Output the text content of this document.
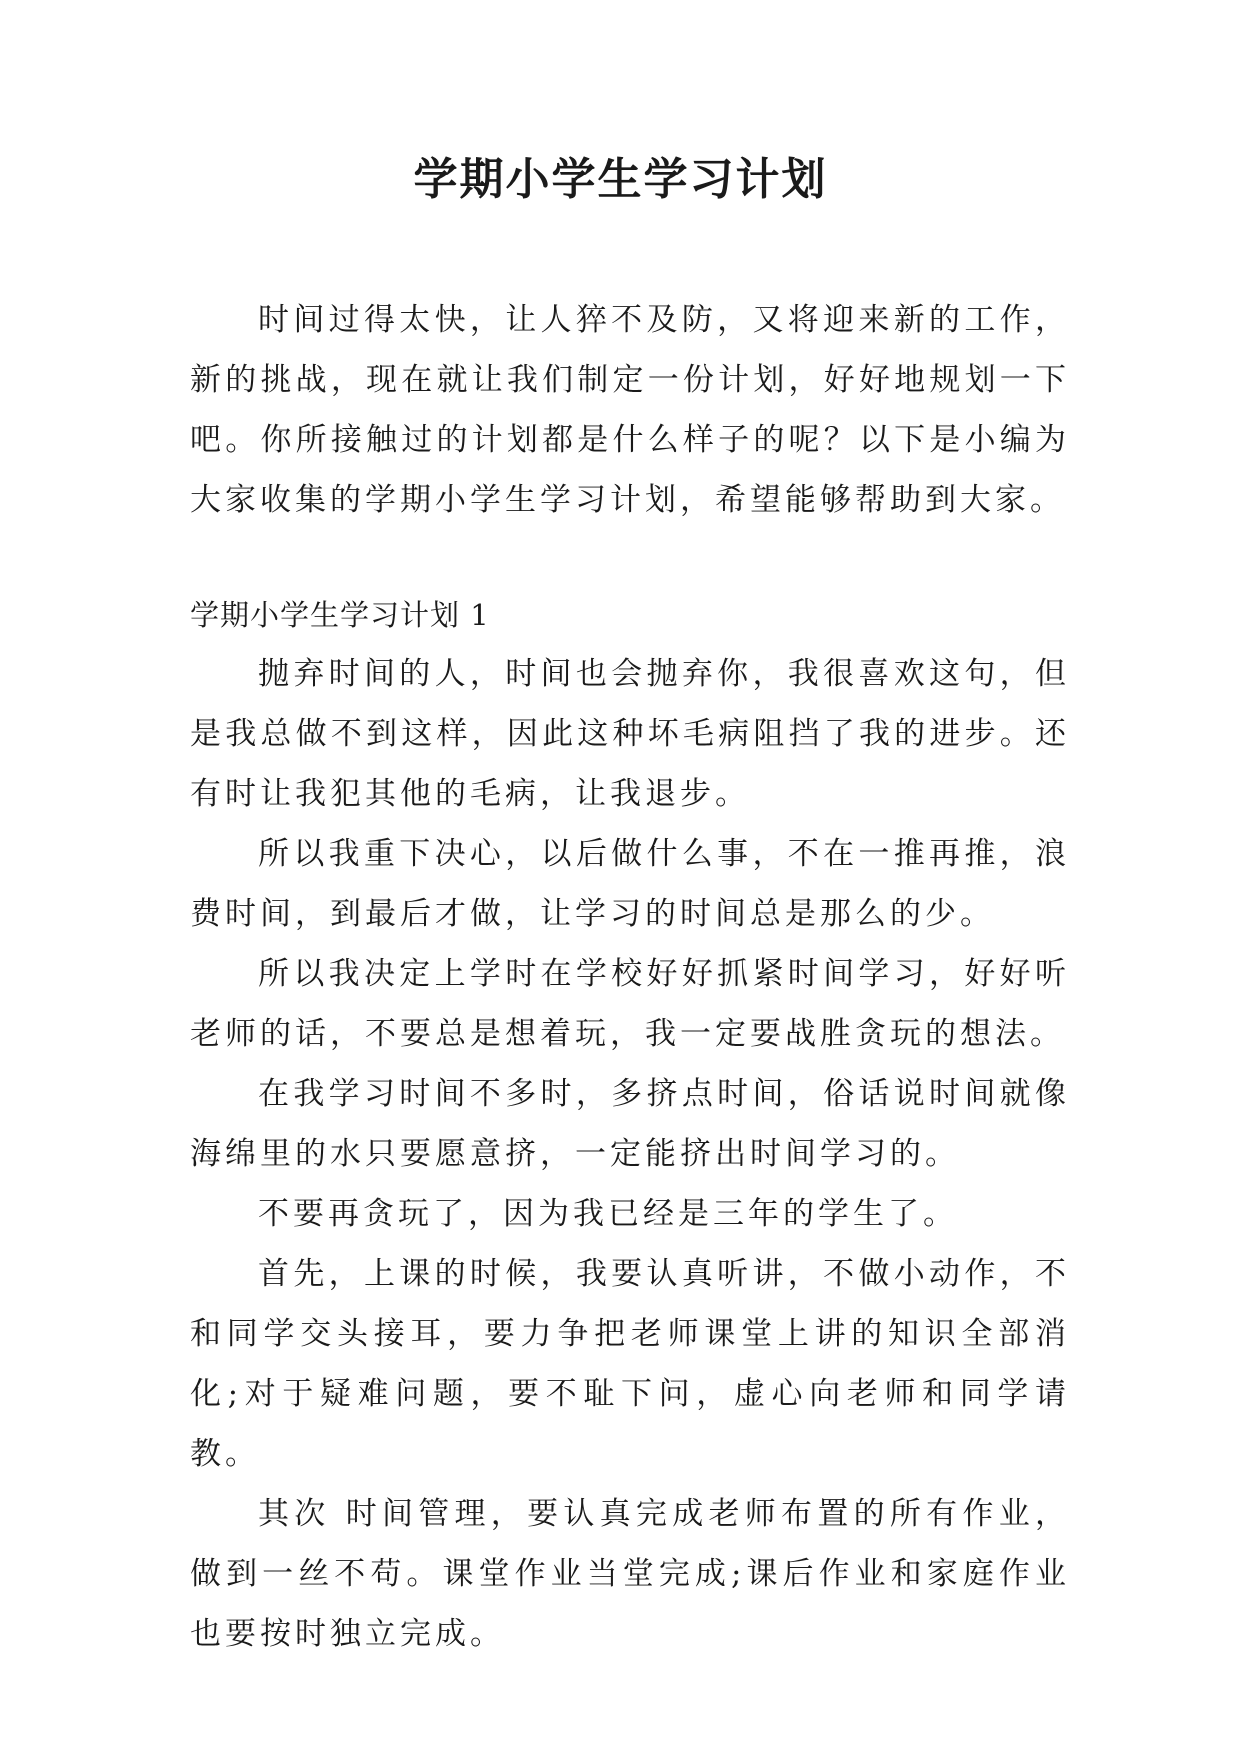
学期小学生学习计划

时间过得太快，让人猝不及防，又将迎来新的工作，新的挑战，现在就让我们制定一份计划，好好地规划一下吧。你所接触过的计划都是什么样子的呢？以下是小编为大家收集的学期小学生学习计划，希望能够帮助到大家。

学期小学生学习计划 1

抛弃时间的人，时间也会抛弃你，我很喜欢这句，但是我总做不到这样，因此这种坏毛病阻挡了我的进步。还有时让我犯其他的毛病，让我退步。

所以我重下决心，以后做什么事，不在一推再推，浪费时间，到最后才做，让学习的时间总是那么的少。

所以我决定上学时在学校好好抓紧时间学习，好好听老师的话，不要总是想着玩，我一定要战胜贪玩的想法。

在我学习时间不多时，多挤点时间，俗话说时间就像海绵里的水只要愿意挤，一定能挤出时间学习的。

不要再贪玩了，因为我已经是三年的学生了。

首先，上课的时候，我要认真听讲，不做小动作，不和同学交头接耳，要力争把老师课堂上讲的知识全部消化;对于疑难问题，要不耻下问，虚心向老师和同学请教。

其次 时间管理，要认真完成老师布置的所有作业，做到一丝不苟。课堂作业当堂完成;课后作业和家庭作业也要按时独立完成。
